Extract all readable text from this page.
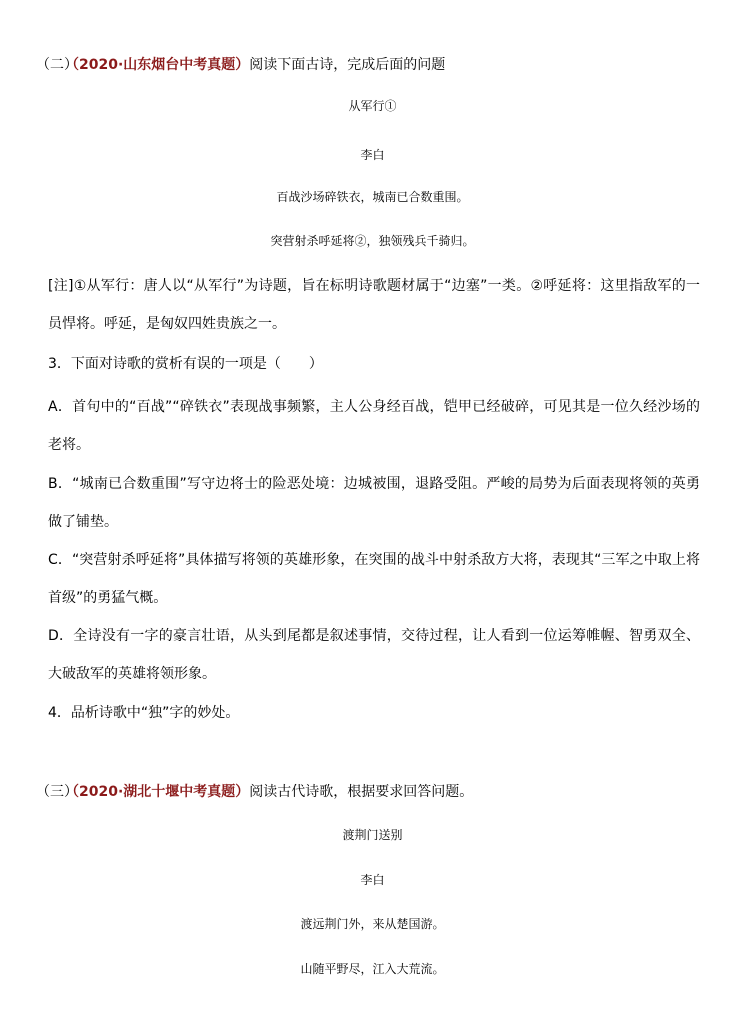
（二）（2020·山东烟台中考真题）阅读下面古诗，完成后面的问题
从军行①
李白
百战沙场碎铁衣，城南已合数重围。
突营射杀呼延将②，独领残兵千骑归。
[注]①从军行：唐人以“从军行”为诗题，旨在标明诗歌题材属于“边塞”一类。②呼延将：这里指敌军的一员悍将。呼延，是匈奴四姓贵族之一。
3．下面对诗歌的赏析有误的一项是（　　）
A．首句中的“百战”“碎铁衣”表现战事频繁，主人公身经百战，铠甲已经破碎，可见其是一位久经沙场的老将。
B．“城南已合数重围”写守边将士的险恶处境：边城被围，退路受阻。严峻的局势为后面表现将领的英勇做了铺垫。
C．“突营射杀呼延将”具体描写将领的英雄形象，在突围的战斗中射杀敌方大将，表现其“三军之中取上将首级”的勇猛气概。
D．全诗没有一字的豪言壮语，从头到尾都是叙述事情，交待过程，让人看到一位运筹帷幄、智勇双全、大破敌军的英雄将领形象。
4．品析诗歌中“独”字的妙处。
（三）（2020·湖北十堰中考真题）阅读古代诗歌，根据要求回答问题。
渡荆门送别
李白
渡远荆门外，来从楚国游。
山随平野尽，江入大荒流。
